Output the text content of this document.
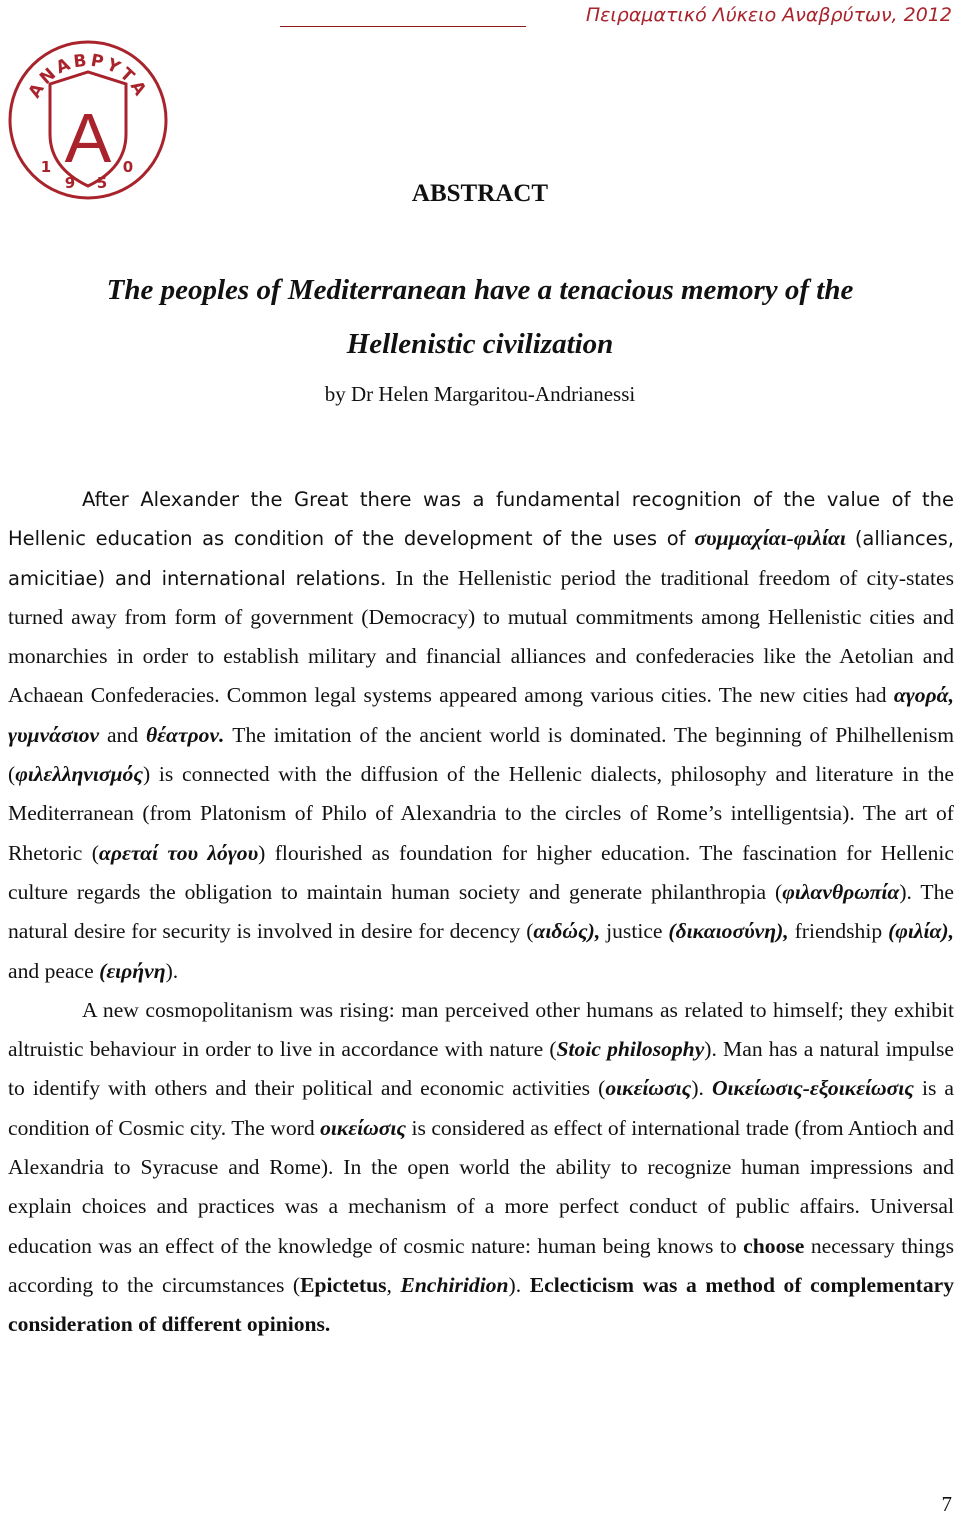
Πειραματικό Λύκειο Αναβρύτων, 2012
ΑΝΑΒΡΥΤΑ
A
1
9 5
0
ABSTRACT
The peoples of Mediterranean have a tenacious memory of the
Hellenistic civilization
by Dr Helen Margaritou-Andrianessi

After Alexander the Great there was a fundamental recognition of the value of the Hellenic education as condition of the development of the uses of συμμαχίαι-φιλίαι (alliances, amicitiae) and international relations. In the Hellenistic period the traditional freedom of city-states turned away from form of government (Democracy) to mutual commitments among Hellenistic cities and monarchies in order to establish military and financial alliances and confederacies like the Aetolian and Achaean Confederacies. Common legal systems appeared among various cities. The new cities had αγορά, γυμνάσιον and θέατρον. The imitation of the ancient world is dominated. The beginning of Philhellenism (φιλελληνισμός) is connected with the diffusion of the Hellenic dialects, philosophy and literature in the Mediterranean (from Platonism of Philo of Alexandria to the circles of Rome’s intelligentsia). The art of Rhetoric (αρεταί του λόγου) flourished as foundation for higher education. The fascination for Hellenic culture regards the obligation to maintain human society and generate philanthropia (φιλανθρωπία). The natural desire for security is involved in desire for decency (αιδώς), justice (δικαιοσύνη), friendship (φιλία), and peace (ειρήνη).

A new cosmopolitanism was rising: man perceived other humans as related to himself; they exhibit altruistic behaviour in order to live in accordance with nature (Stoic philosophy). Man has a natural impulse to identify with others and their political and economic activities (οικείωσις). Οικείωσις-εξοικείωσις is a condition of Cosmic city. The word οικείωσις is considered as effect of international trade (from Antioch and Alexandria to Syracuse and Rome). In the open world the ability to recognize human impressions and explain choices and practices was a mechanism of a more perfect conduct of public affairs. Universal education was an effect of the knowledge of cosmic nature: human being knows to choose necessary things according to the circumstances (Epictetus, Enchiridion). Eclecticism was a method of complementary consideration of different opinions.

7
